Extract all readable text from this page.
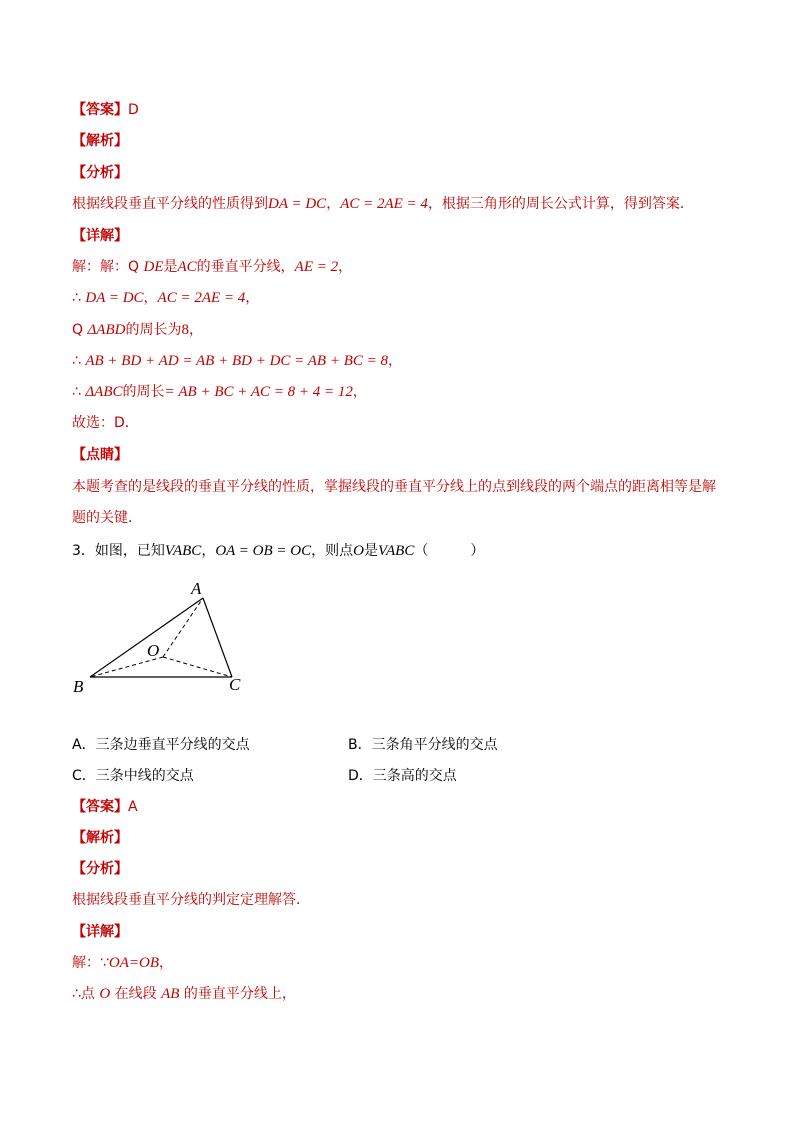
【答案】D
【解析】
【分析】
根据线段垂直平分线的性质得到DA = DC，AC = 2AE = 4，根据三角形的周长公式计算，得到答案．
【详解】
解：解：Q DE是AC的垂直平分线，AE = 2，
∴ DA = DC，AC = 2AE = 4，
Q ΔABD的周长为8，
∴ AB + BD + AD = AB + BD + DC = AB + BC = 8，
∴ ΔABC的周长= AB + BC + AC = 8 + 4 = 12，
故选：D．
【点睛】
本题考查的是线段的垂直平分线的性质，掌握线段的垂直平分线上的点到线段的两个端点的距离相等是解
题的关键．
3．如图，已知VABC，OA = OB = OC，则点O是VABC（　　　）
A
B	C
O
A．三条边垂直平分线的交点	B．三条角平分线的交点
C．三条中线的交点	D．三条高的交点
【答案】A
【解析】
【分析】
根据线段垂直平分线的判定定理解答．
【详解】
解：∵OA=OB，
∴点 O 在线段 AB 的垂直平分线上，
